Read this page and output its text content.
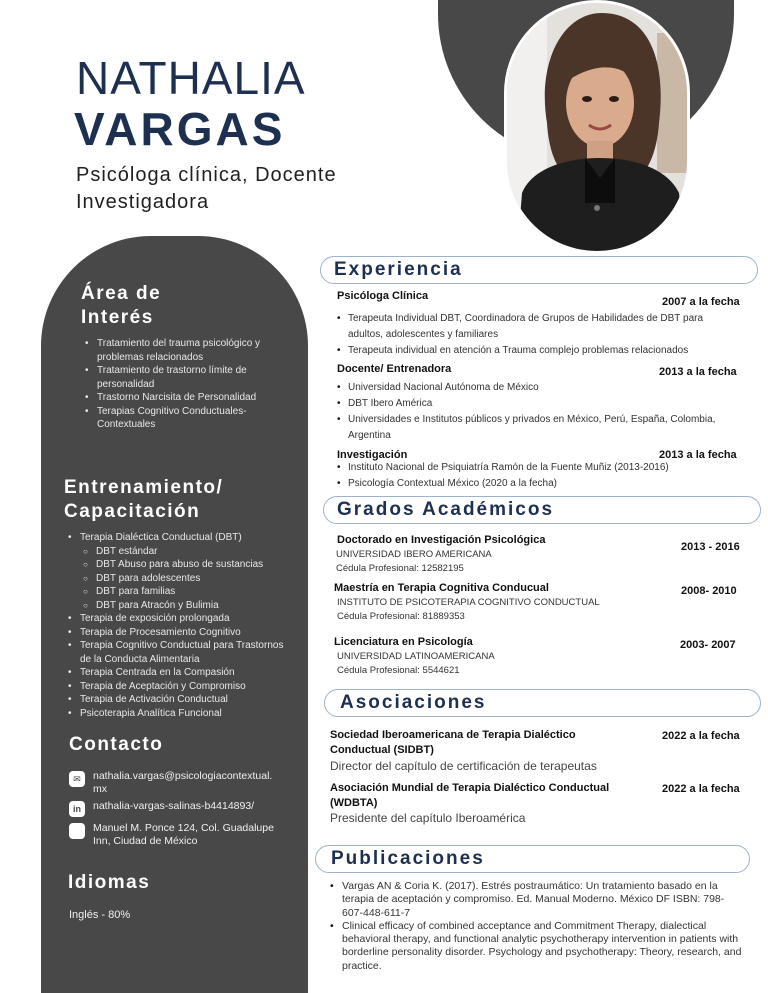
NATHALIA
VARGAS
Psicóloga clínica, Docente
Investigadora
Área de
Interés
• Tratamiento del trauma psicológico y problemas relacionados
• Tratamiento de trastorno límite de personalidad
• Trastorno Narcisita de Personalidad
• Terapias Cognitivo Conductuales-Contextuales
Entrenamiento/
Capacitación
• Terapia Dialéctica Conductual (DBT)
○ DBT estándar
○ DBT Abuso para abuso de sustancias
○ DBT para adolescentes
○ DBT para familias
○ DBT para Atracón y Bulimia
• Terapia de exposición prolongada
• Terapia de Procesamiento Cognitivo
• Terapia Cognitivo Conductual para Trastornos de la Conducta Alimentaria
• Terapia Centrada en la Compasión
• Terapia de Aceptación y Compromiso
• Terapia de Activación Conductual
• Psicoterapia Analítica Funcional
Contacto
✉	nathalia.vargas@psicologiacontextual.
mx
in	nathalia-vargas-salinas-b4414893/
Manuel M. Ponce 124, Col. Guadalupe
Inn, Ciudad de México
Idiomas
Inglés - 80%
Experiencia
Psicóloga Clínica	2007 a la fecha
• Terapeuta Individual DBT, Coordinadora de Grupos de Habilidades de DBT para adultos, adolescentes y familiares
• Terapeuta individual en atención a Trauma complejo problemas relacionados
Docente/ Entrenadora	2013 a la fecha
• Universidad Nacional Autónoma de México
• DBT Ibero América
• Universidades e Institutos públicos y privados en México, Perú, España, Colombia, Argentina
Investigación	2013 a la fecha
• Instituto Nacional de Psiquiatría Ramón de la Fuente Muñiz (2013-2016)
• Psicología Contextual México (2020 a la fecha)
Grados Académicos
Doctorado en Investigación Psicológica
2013 - 2016
UNIVERSIDAD IBERO AMERICANA
Cédula Profesional: 12582195
Maestría en Terapia Cognitiva Conducual	2008- 2010
INSTITUTO DE PSICOTERAPIA COGNITIVO CONDUCTUAL
Cédula Profesional: 81889353
Licenciatura en Psicología	2003- 2007
UNIVERSIDAD LATINOAMERICANA
Cédula Profesional: 5544621
Asociaciones
Sociedad Iberoamericana de Terapia Dialéctico
Conductual (SIDBT)
2022 a la fecha
Director del capítulo de certificación de terapeutas
Asociación Mundial de Terapia Dialéctico Conductual
(WDBTA)
2022 a la fecha
Presidente del capítulo Iberoamérica
Publicaciones
• Vargas AN & Coria K. (2017). Estrés postraumático: Un tratamiento basado en la terapia de aceptación y compromiso. Ed. Manual Moderno. México DF ISBN: 798-607-448-611-7
• Clinical efficacy of combined acceptance and Commitment Therapy, dialectical behavioral therapy, and functional analytic psychotherapy intervention in patients with borderline personality disorder. Psychology and psychotherapy: Theory, research, and practice.
